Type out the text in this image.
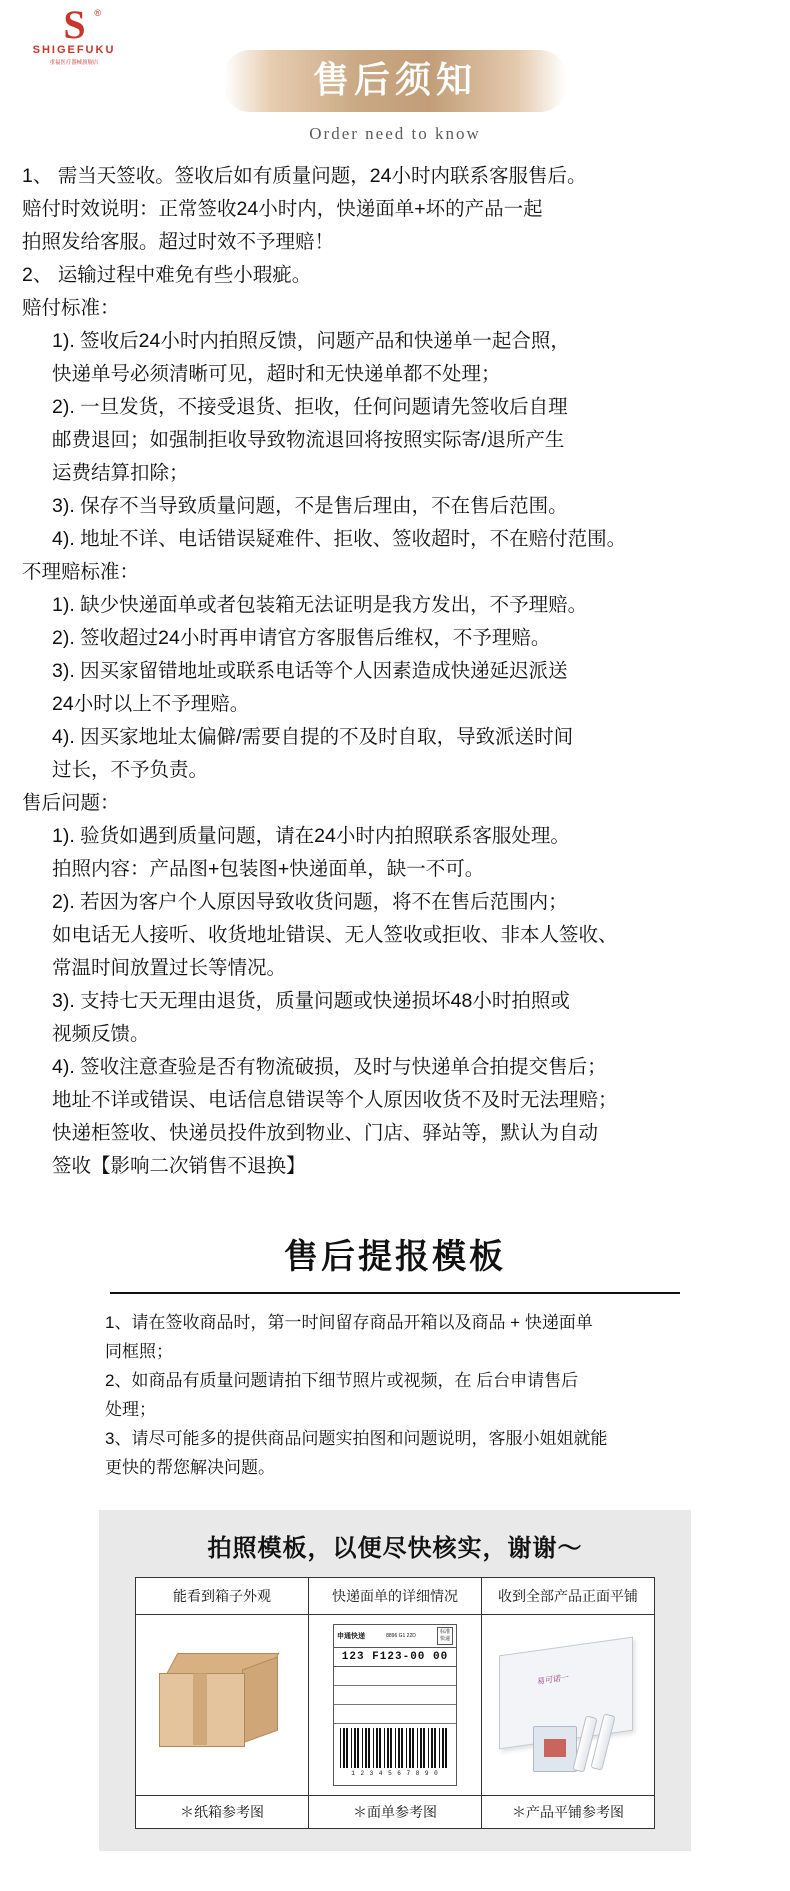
S ®
SHIGEFUKU
重福医疗器械旗舰店	售后须知
Order need to know
1、 需当天签收。签收后如有质量问题，24小时内联系客服售后。
赔付时效说明：正常签收24小时内，快递面单+坏的产品一起
拍照发给客服。超过时效不予理赔！
2、 运输过程中难免有些小瑕疵。
赔付标准：
1). 签收后24小时内拍照反馈，问题产品和快递单一起合照，
快递单号必须清晰可见，超时和无快递单都不处理；
2). 一旦发货，不接受退货、拒收，任何问题请先签收后自理
邮费退回；如强制拒收导致物流退回将按照实际寄/退所产生
运费结算扣除；
3). 保存不当导致质量问题，不是售后理由，不在售后范围。
4). 地址不详、电话错误疑难件、拒收、签收超时，不在赔付范围。
不理赔标准：
1). 缺少快递面单或者包装箱无法证明是我方发出，不予理赔。
2). 签收超过24小时再申请官方客服售后维权，不予理赔。
3). 因买家留错地址或联系电话等个人因素造成快递延迟派送
24小时以上不予理赔。
4). 因买家地址太偏僻/需要自提的不及时自取，导致派送时间
过长，不予负责。
售后问题：
1). 验货如遇到质量问题，请在24小时内拍照联系客服处理。
拍照内容：产品图+包装图+快递面单，缺一不可。
2). 若因为客户个人原因导致收货问题，将不在售后范围内；
如电话无人接听、收货地址错误、无人签收或拒收、非本人签收、
常温时间放置过长等情况。
3). 支持七天无理由退货，质量问题或快递损坏48小时拍照或
视频反馈。
4). 签收注意查验是否有物流破损，及时与快递单合拍提交售后；
地址不详或错误、电话信息错误等个人原因收货不及时无法理赔；
快递柜签收、快递员投件放到物业、门店、驿站等，默认为自动
签收【影响二次销售不退换】
售后提报模板
1、请在签收商品时，第一时间留存商品开箱以及商品 + 快递面单
同框照；
2、如商品有质量问题请拍下细节照片或视频，在 后台申请售后
处理；
3、请尽可能多的提供商品问题实拍图和问题说明，客服小姐姐就能
更快的帮您解决问题。
拍照模板，以便尽快核实，谢谢～
能看到箱子外观	快递面单的详细情况	收到全部产品正面平铺

申通快递	8896 G1 22D
标准
快递
123 F123-00 00
1 2 3 4 5 6 7 8 9 0

易可诺一

＊纸箱参考图	＊面单参考图	＊产品平铺参考图
